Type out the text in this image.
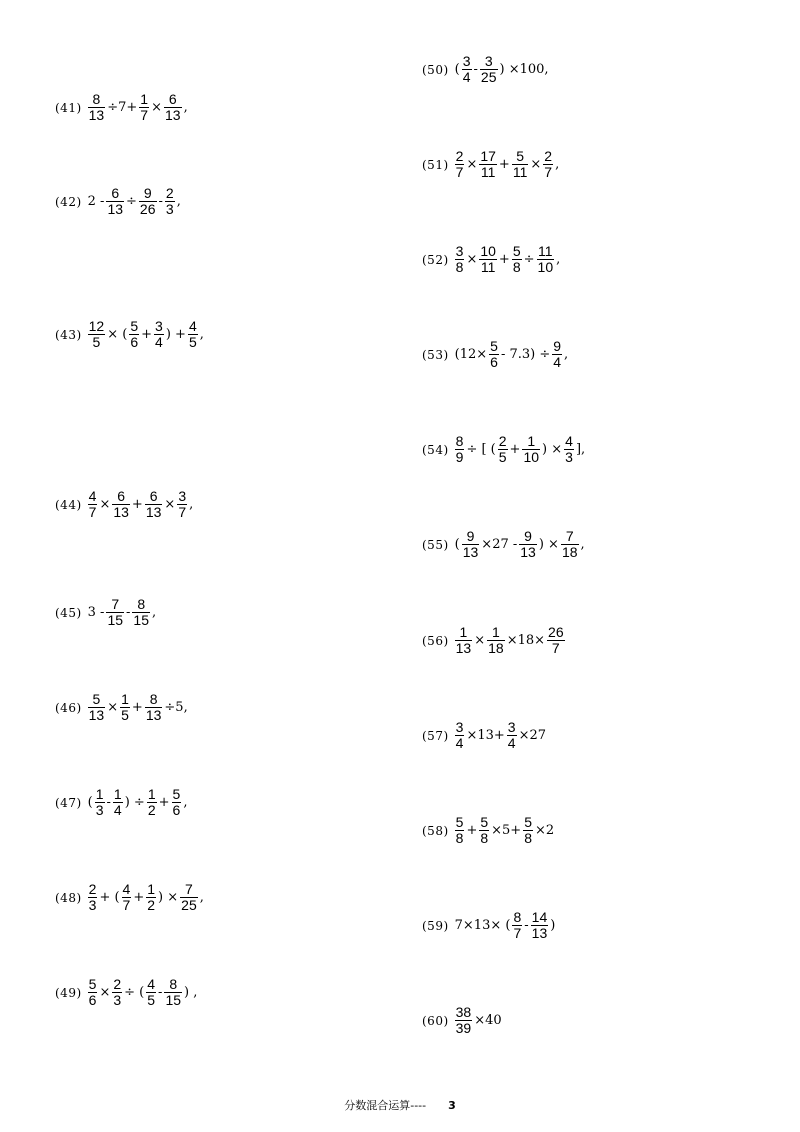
$(41) \frac{8}{13} \div 7+ \frac{1}{7} \times \frac{6}{13}$ ,
(42) $2 - \frac{6}{13} \div \frac{9}{26} - \frac{2}{3}$ ,
$(43) \frac{12}{5}$ × ( $\frac{5}{6} + \frac{3}{4}$ ) + $\frac{4}{5}$ ,
$(44) \frac{4}{7} \times \frac{6}{13} + \frac{6}{13} \times \frac{3}{7}$ ,
(45) $3 - \frac{7}{15} - \frac{8}{15}$ ,
$(46) \frac{5}{13} \times \frac{1}{5} + \frac{8}{13} \div 5$,
(47) ( $\frac{1}{3} - \frac{1}{4}$ ) ÷ $\frac{1}{2} + \frac{5}{6}$ ,
$(48) \frac{2}{3}$ + ( $\frac{4}{7} + \frac{1}{2}$ ) × $\frac{7}{25}$ ,
$(49) \frac{5}{6} \times \frac{2}{3}$ ÷ ( $\frac{4}{5} - \frac{8}{15}$ ) ,
(50) ( $\frac{3}{4} - \frac{3}{25}$ ) ×100,
$(51) \frac{2}{7} \times \frac{17}{11} + \frac{5}{11} \times \frac{2}{7}$ ,
$(52) \frac{3}{8} \times \frac{10}{11} + \frac{5}{8} \div \frac{11}{10}$ ,
(53) $(12\times \frac{5}{6} - 7.3) \div \frac{9}{4}$ ,
$(54) \frac{8}{9}$ ÷ [ ( $\frac{2}{5} + \frac{1}{10}$ ) × $\frac{4}{3}$ ],
(55) ( $\frac{9}{13} \times 27 - \frac{9}{13}$ ) × $\frac{7}{18}$ ,
$(56) \frac{1}{13} \times \frac{1}{18} \times 18\times \frac{26}{7}$
$(57) \frac{3}{4} \times 13+ \frac{3}{4} \times 27$
$(58) \frac{5}{8} + \frac{5}{8} \times 5+ \frac{5}{8} \times 2$
(59) 7×13× ( $\frac{8}{7} - \frac{14}{13}$ )
$(60) \frac{38}{39} \times 40$
分数混合运算---- 3
